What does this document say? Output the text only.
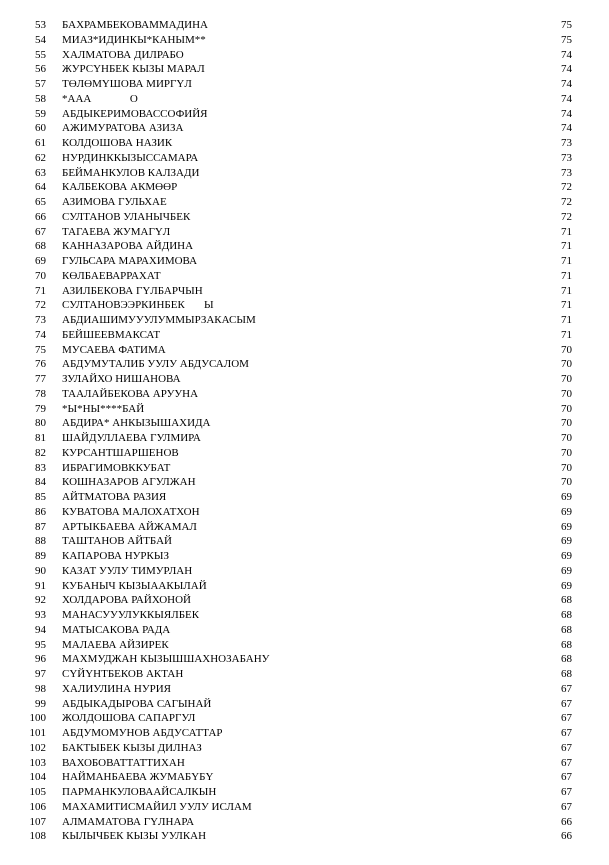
53 БАХРАМБЕКОВАММАДИНА	75
54 МИАЗ*ИДИНКЫ*КАНЫМ**	75
55 ХАЛМАТОВА ДИЛРАБО	74
56 ЖУРСҮНБЕК КЫЗЫ МАРАЛ	74
57 ТӨЛӨМҮШОВА МИРГҮЛ	74
58 *ААА              О	74
59 АБДЫКЕРИМОВАССОФИЙЯ	74
60 АЖИМУРАТОВА АЗИЗА	74
61 КОЛДОШОВА НАЗИК	73
62 НУРДИНККЫЗЫССАМАРА	73
63 БЕЙМАНКУЛОВ КАЛЗАДИ	73
64 КАЛБЕКОВА АКМӨӨР	72
65 АЗИМОВА ГУЛЬХАЕ	72
66 СУЛТАНОВ УЛАНЫЧБЕК	72
67 ТАГАЕВА ЖУМАГҮЛ	71
68 КАННАЗАРОВА АЙДИНА	71
69 ГУЛЬСАРА МАРАХИМОВА	71
70 КӨЛБАЕВАРРАХАТ	71
71 АЗИЛБЕКОВА ГҮЛБАРЧЫН	71
72 СУЛТАНОВЭЭРКИНБЕК       Ы	71
73 АБДИАШИМУУУЛУММЫРЗАКАСЫМ	71
74 БЕЙШЕЕВМАКСАТ	71
75 МУСАЕВА ФАТИМА	70
76 АБДУМУТАЛИБ УУЛУ АБДУСАЛОМ	70
77 ЗУЛАЙХО НИШАНОВА	70
78 ТААЛАЙБЕКОВА АРУУНА	70
79 *Ы*НЫ****БАЙ	70
80 АБДИРА* АНКЫЗЫШАХИДА	70
81 ШАЙДУЛЛАЕВА ГУЛМИРА	70
82 КУРСАНТШАРШЕНОВ	70
83 ИБРАГИМОВККУБАТ	70
84 КОШНАЗАРОВ АГУЛЖАН	70
85 АЙТМАТОВА РАЗИЯ	69
86 КУВАТОВА МАЛОХАТХОН	69
87 АРТЫКБАЕВА АЙЖАМАЛ	69
88 ТАШТАНОВ АЙТБАЙ	69
89 КАПАРОВА НУРКЫЗ	69
90 КАЗАТ УУЛУ ТИМУРЛАН	69
91 КУБАНЫЧ КЫЗЫААКЫЛАЙ	69
92 ХОЛДАРОВА РАЙХОНОЙ	68
93 МАНАСУУУЛУККЫЯЛБЕК	68
94 МАТЫСАКОВА РАДА	68
95 МАЛАЕВА АЙЗИРЕК	68
96 МАХМУДЖАН КЫЗЫШШАХНОЗАБАНУ	68
97 СҮЙҮНТБЕКОВ АКТАН	68
98 ХАЛИУЛИНА НУРИЯ	67
99 АБДЫКАДЫРОВА САГЫНАЙ	67
100 ЖОЛДОШОВА САПАРГУЛ	67
101 АБДУМОМУНОВ АБДУСАТТАР	67
102 БАКТЫБЕК КЫЗЫ ДИЛНАЗ	67
103 ВАХОБОВАТТАТТИХАН	67
104 НАЙМАНБАЕВА ЖУМАБҮБҮ	67
105 ПАРМАНКУЛОВААЙСАЛКЫН	67
106 МАХАМИТИСМАЙИЛ УУЛУ ИСЛАМ	67
107 АЛМАМАТОВА ГҮЛНАРА	66
108 КЫЛЫЧБЕК КЫЗЫ УУЛКАН	66
